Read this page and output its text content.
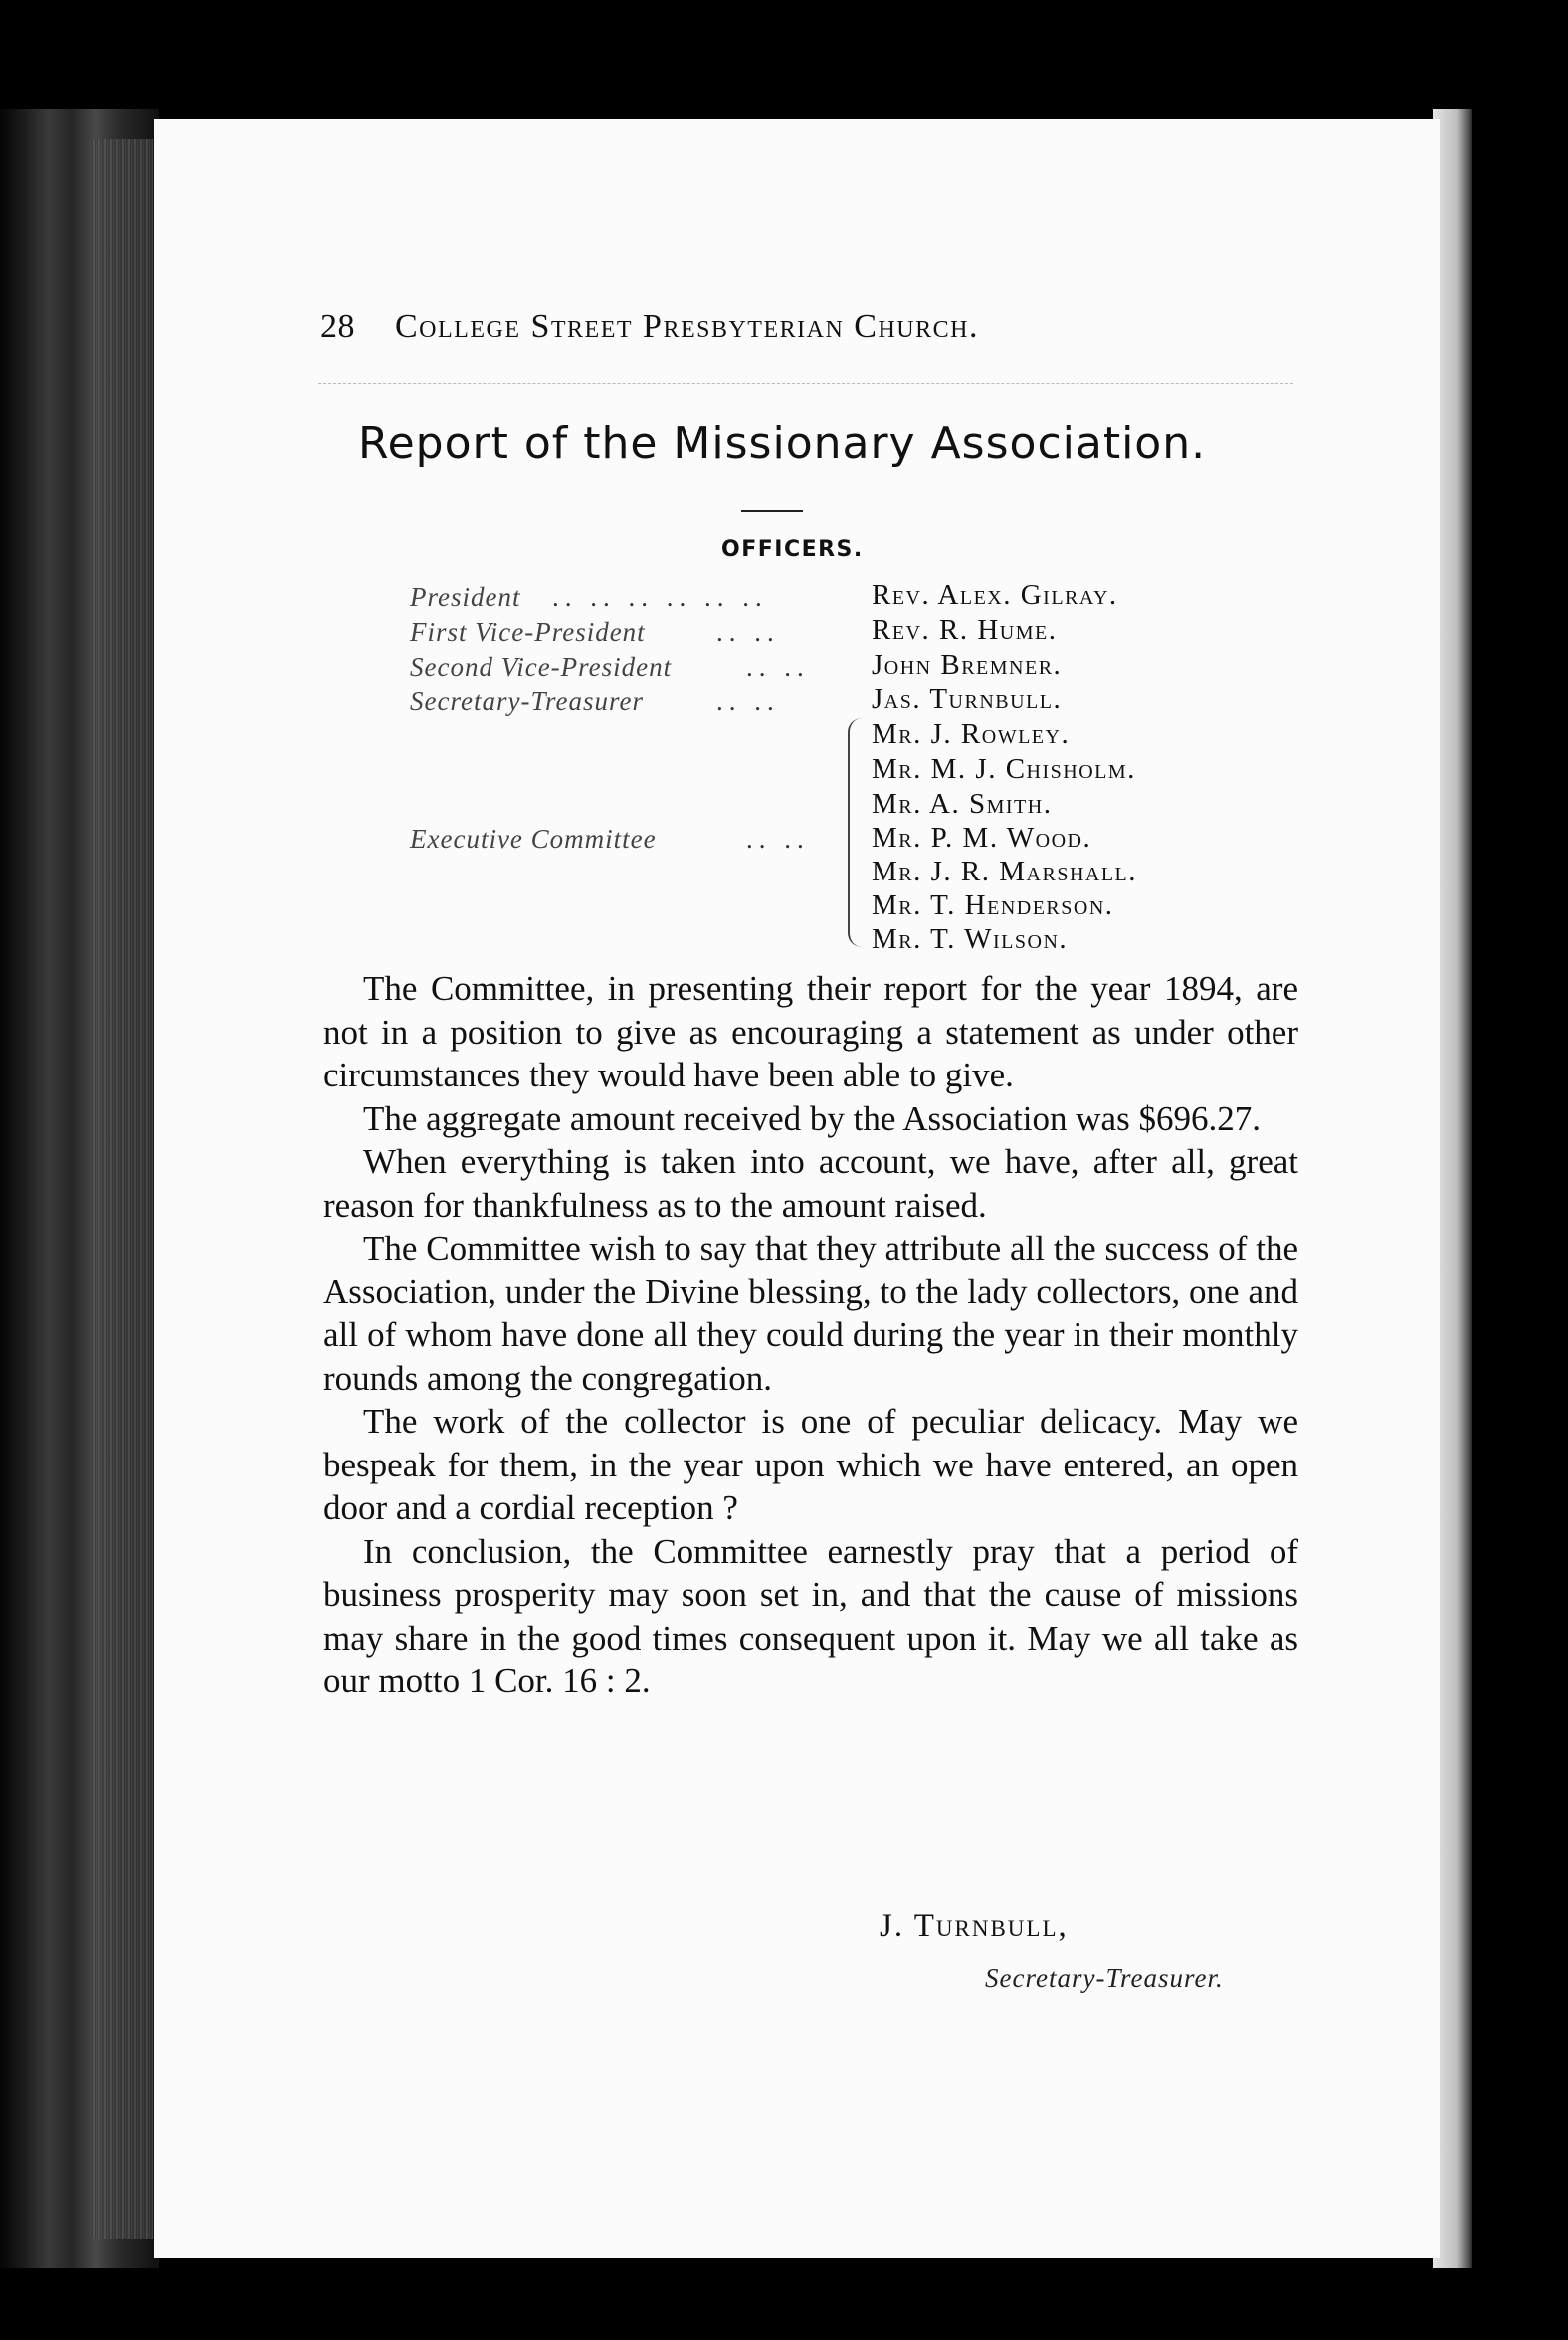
28 College Street Presbyterian Church.
Report of the Missionary Association.
OFFICERS.
President .. .. .. .. .. ..	Rev. Alex. Gilray.
First Vice-President	.. ..	Rev. R. Hume.
Second Vice-President	.. .. John Bremner.
Secretary-Treasurer	.. ..	Jas. Turnbull.
Executive Committee	.. ..
Mr. J. Rowley.
Mr. M. J. Chisholm.
Mr. A. Smith.
Mr. P. M. Wood.
Mr. J. R. Marshall.
Mr. T. Henderson.
Mr. T. Wilson.

The Committee, in presenting their report for the year 1894, are not in a position to give as encouraging a statement as under other circumstances they would have been able to give.

The aggregate amount received by the Association was $696.27.

When everything is taken into account, we have, after all, great reason for thankfulness as to the amount raised.

The Committee wish to say that they attribute all the success of the Association, under the Divine blessing, to the lady collectors, one and all of whom have done all they could during the year in their monthly rounds among the congregation.

The work of the collector is one of peculiar delicacy. May we bespeak for them, in the year upon which we have entered, an open door and a cordial reception ?

In conclusion, the Committee earnestly pray that a period of business prosperity may soon set in, and that the cause of missions may share in the good times consequent upon it. May we all take as our motto 1 Cor. 16 : 2.

J. Turnbull,
Secretary-Treasurer.
